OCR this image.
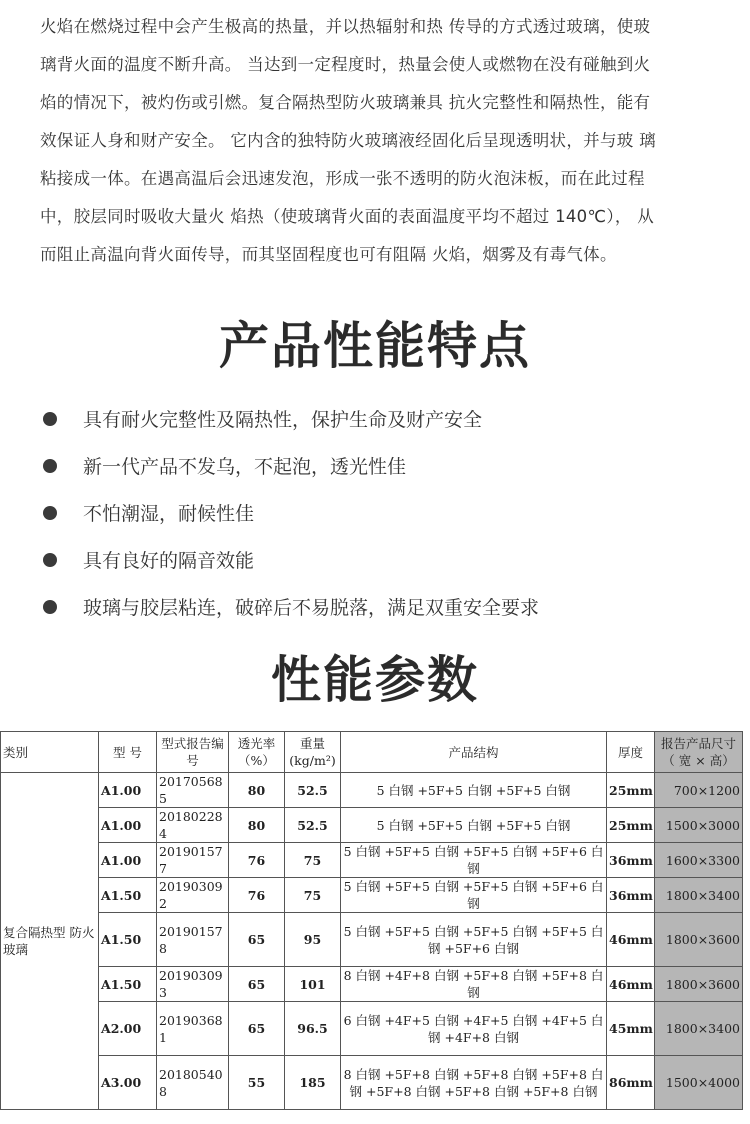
火焰在燃烧过程中会产生极高的热量，并以热辐射和热 传导的方式透过玻璃，使玻

璃背火面的温度不断升高。 当达到一定程度时，热量会使人或燃物在没有碰触到火

焰的情况下，被灼伤或引燃。复合隔热型防火玻璃兼具 抗火完整性和隔热性，能有

效保证人身和财产安全。 它内含的独特防火玻璃液经固化后呈现透明状，并与玻 璃

粘接成一体。在遇高温后会迅速发泡，形成一张不透明的防火泡沫板，而在此过程

中，胶层同时吸收大量火 焰热（使玻璃背火面的表面温度平均不超过 140℃）， 从

而阻止高温向背火面传导，而其坚固程度也可有阻隔 火焰，烟雾及有毒气体。

产品性能特点
具有耐火完整性及隔热性，保护生命及财产安全
新一代产品不发乌，不起泡，透光性佳
不怕潮湿，耐候性佳
具有良好的隔音效能
玻璃与胶层粘连，破碎后不易脱落，满足双重安全要求
性能参数
类别	型 号	型式报告编号	透光率（%）	重量(kg/m²)	产品结构	厚度	报告产品尺寸
（ 宽 × 高）
复合隔热型 防火玻璃	A1.00	201705685	80	52.5	5 白钢 +5F+5 白钢 +5F+5 白钢	25mm	700×1200
	A1.00	201802284	80	52.5	5 白钢 +5F+5 白钢 +5F+5 白钢	25mm	1500×3000
	A1.00	201901577	76	75	5 白钢 +5F+5 白钢 +5F+5 白钢 +5F+6 白钢	36mm	1600×3300
	A1.50	201903092	76	75	5 白钢 +5F+5 白钢 +5F+5 白钢 +5F+6 白钢	36mm	1800×3400
	A1.50	201901578	65	95	5 白钢 +5F+5 白钢 +5F+5 白钢 +5F+5 白 钢 +5F+6 白钢	46mm	1800×3600
	A1.50	201903093	65	101	8 白钢 +4F+8 白钢 +5F+8 白钢 +5F+8 白钢	46mm	1800×3600
	A2.00	201903681	65	96.5	6 白钢 +4F+5 白钢 +4F+5 白钢 +4F+5 白 钢 +4F+8 白钢	45mm	1800×3400
	A3.00	201805408	55	185	8 白钢 +5F+8 白钢 +5F+8 白钢 +5F+8 白钢 +5F+8 白钢 +5F+8 白钢 +5F+8 白钢	86mm	1500×4000
